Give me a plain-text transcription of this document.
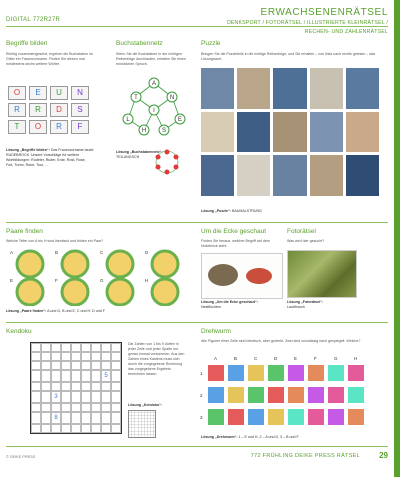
DIGITAL 772R27R
ERWACHSENENRÄTSEL
DENKSPORT / FOTORÄTSEL / ILLUSTRIERTE KLEINRÄTSEL /
RECHEN- UND ZAHLENRÄTSEL
Begriffe bilden
Richtig zusammengesetzt, ergeben die Buchstaben im Gitter ein Frauenvorname. Finden Sie diesen und mindestens sechs weitere Wörter.
O	E	U	N
R	R	D	S
T	O	R	F
Lösung „Begriffe bilden“: Das Frauenvorname lautet RUDEBROCK. Unsere Vorschläge für weitere Wortbildungen: Rudeter, Ruder, Erde, Rost, Rose, Fort, Turbo, Rotor, Tour, …
Buchstabennetz
Wenn Sie die Buchstaben in der richtigen Reihenfolge durchlaufen, erhalten Sie einen mündlichen Spruch.
A
T	N
I
L	E
H	S
Lösung „Buchstabennetz“:
TEILUNGSCH
Puzzle
Bringen Sie die Puzzleteile in die richtige Reihenfolge, und Sie erhalten – von links nach rechts gelesen – das Lösungswort.
Lösung „Puzzle“: BAUMALSTRUNG
Paare finden
Welche Teller von A bis H sind identisch und bilden ein Paar?
A	B	C	D
E	F	G	H
Lösung „Paare finden“: A und G, B und E, C und H, D und F
Um die Ecke geschaut
Finden Sie heraus, welcher Begriff auf dem Notizblock steht.
Lösung „Um die Ecke geschaut“:
Nestflüchten
Fotorätsel
Was wird hier gesucht?
Lösung „Fotorätsel“:
Laubfrosch
Kendoku
5
3
8
Die Zahlen von 1 bis 9 dürfen in jeder Zeile und jeder Spalte nur genau einmal vorkommen. Aus den Zahlen eines Kastens muss sich durch die vorgegebene Rechnung das vorgegebene Ergebnis berechnen lassen.
Lösung „Kendoku“:
Drehwurm
Alle Figuren einer Zeile sind identisch, aber gedreht. Zwei sind unzulässig nach gespiegelt. Welche?
A	B	C	D	E	F	G	H
1
2
3
Lösung „Drehwurm“: 1 – E und H, 2 – A und D, 3 – B und F
© DEIKE PRESS	772 FRÜHLING DEIKE PRESS RÄTSEL 29
